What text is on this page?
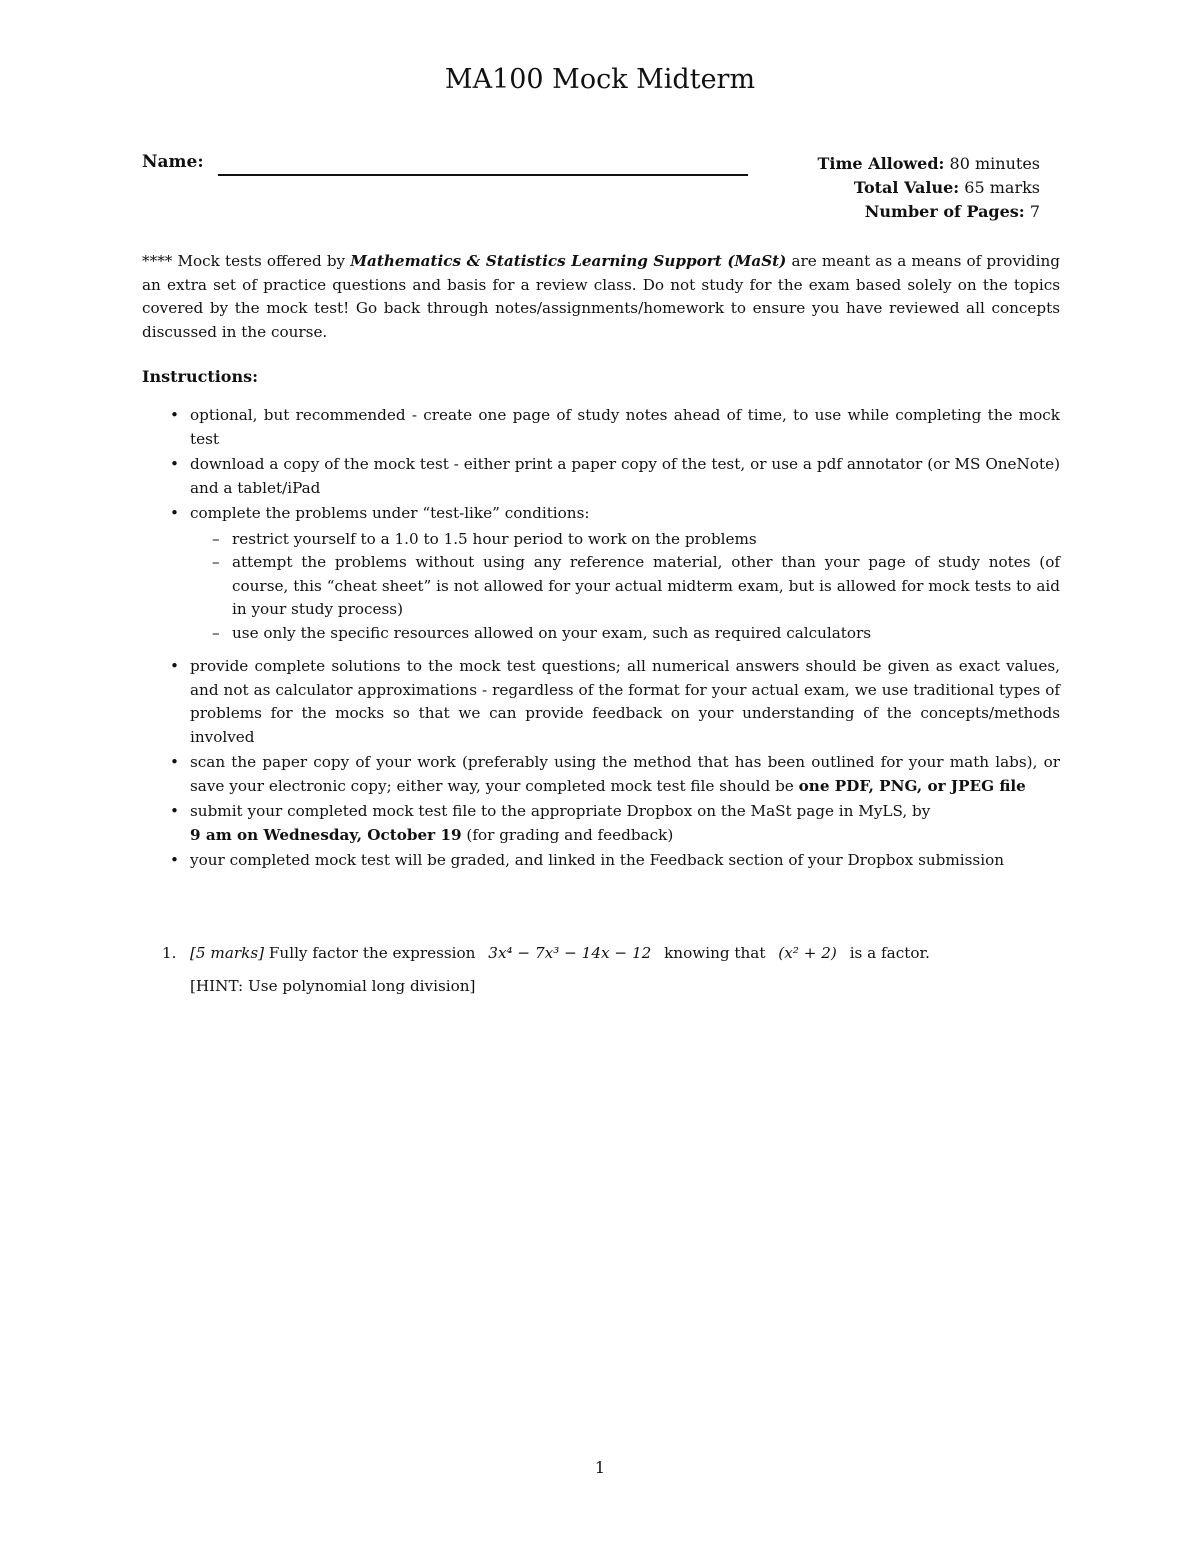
MA100 Mock Midterm
Name:	Time Allowed: 80 minutes
Total Value: 65 marks
Number of Pages: 7
**** Mock tests offered by Mathematics & Statistics Learning Support (MaSt) are meant as a means of providing an extra set of practice questions and basis for a review class. Do not study for the exam based solely on the topics covered by the mock test! Go back through notes/assignments/homework to ensure you have reviewed all concepts discussed in the course.
Instructions:
• optional, but recommended - create one page of study notes ahead of time, to use while completing the mock test
• download a copy of the mock test - either print a paper copy of the test, or use a pdf annotator (or MS OneNote) and a tablet/iPad
• complete the problems under “test-like” conditions:
– restrict yourself to a 1.0 to 1.5 hour period to work on the problems
– attempt the problems without using any reference material, other than your page of study notes (of course, this “cheat sheet” is not allowed for your actual midterm exam, but is allowed for mock tests to aid in your study process)
– use only the specific resources allowed on your exam, such as required calculators
• provide complete solutions to the mock test questions; all numerical answers should be given as exact values, and not as calculator approximations - regardless of the format for your actual exam, we use traditional types of problems for the mocks so that we can provide feedback on your understanding of the concepts/methods involved
• scan the paper copy of your work (preferably using the method that has been outlined for your math labs), or save your electronic copy; either way, your completed mock test file should be one PDF, PNG, or JPEG file
• submit your completed mock test file to the appropriate Dropbox on the MaSt page in MyLS, by
9 am on Wednesday, October 19 (for grading and feedback)
• your completed mock test will be graded, and linked in the Feedback section of your Dropbox submission
1. [5 marks] Fully factor the expression 3x⁴ − 7x³ − 14x − 12 knowing that (x² + 2) is a factor.
[HINT: Use polynomial long division]
1
